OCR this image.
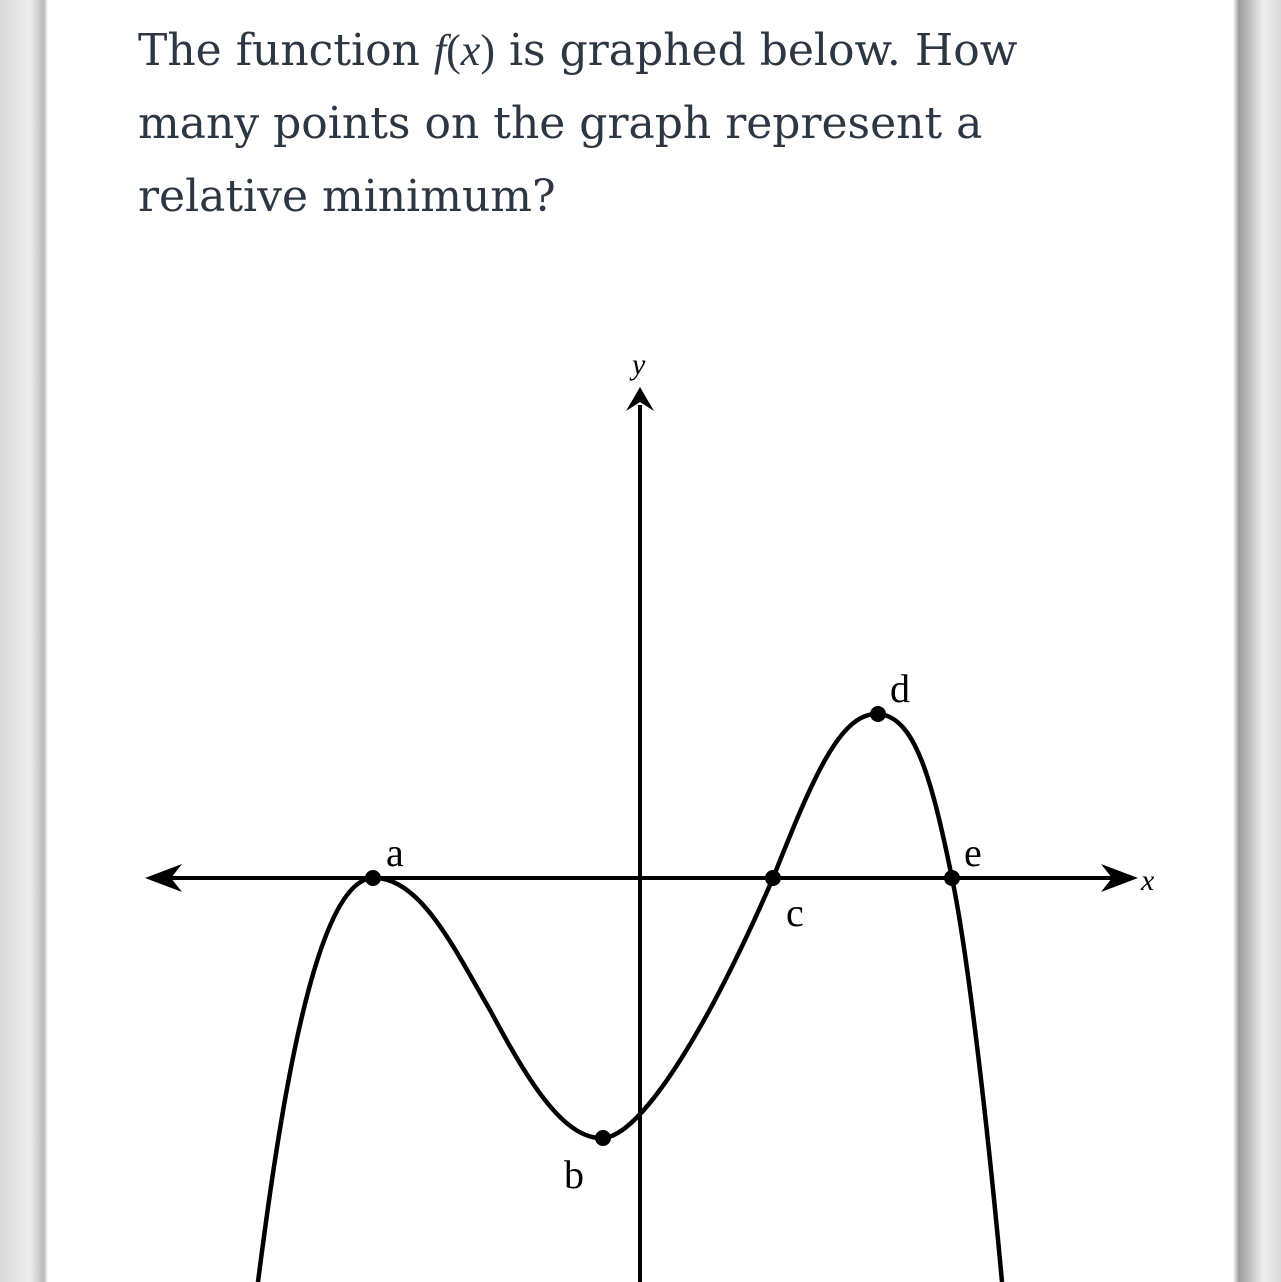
The function f(x) is graphed below. How many points on the graph represent a relative minimum?

x
y
a
b
c
d
e
